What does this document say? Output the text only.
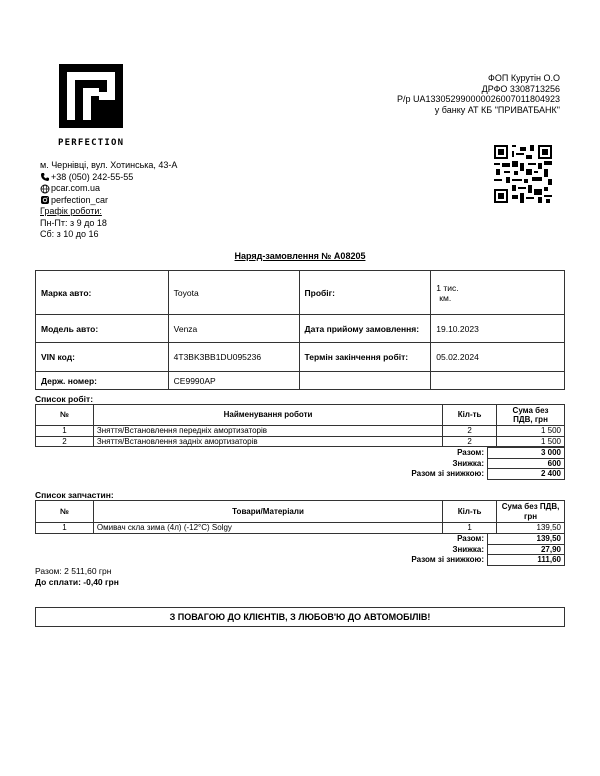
PERFECTION
ФОП Курутін О.О
ДРФО 3308713256
Р/р UA133052990000026007011804923
у банку АТ КБ "ПРИВАТБАНК"
м. Чернівці, вул. Хотинська, 43-А
+38 (050) 242-55-55
pcar.com.ua
perfection_car
Графік роботи:
Пн-Пт: з 9 до 18
Сб: з 10 до 16
Наряд-замовлення № А08205
Марка авто:	Toyota	Пробіг:	1 тис.
км.

Модель авто:	Venza	Дата прийому замовлення:	19.10.2023
VIN код:	4T3BK3BB1DU095236	Термін закінчення робіт:	05.02.2024
Держ. номер:	CE9990AP		
Список робіт:
№	Найменування роботи	Кіл-ть	Сума без
ПДВ, грн

1	Зняття/Встановлення передніх амортизаторів	2	1 500
2	Зняття/Встановлення задніх амортизаторів	2	1 500
Разом:	3 000
Знижка:	600
Разом зі знижкою:	2 400
Список запчастин:
№	Товари/Матеріали	Кіл-ть	Сума без ПДВ,
грн

1	Омивач скла зима (4л) (-12°C) Solgy	1	139,50
Разом:	139,50
Знижка:	27,90
Разом зі знижкою:	111,60
Разом: 2 511,60 грн
До сплати: -0,40 грн
З ПОВАГОЮ ДО КЛІЄНТІВ, З ЛЮБОВ'Ю ДО АВТОМОБІЛІВ!
